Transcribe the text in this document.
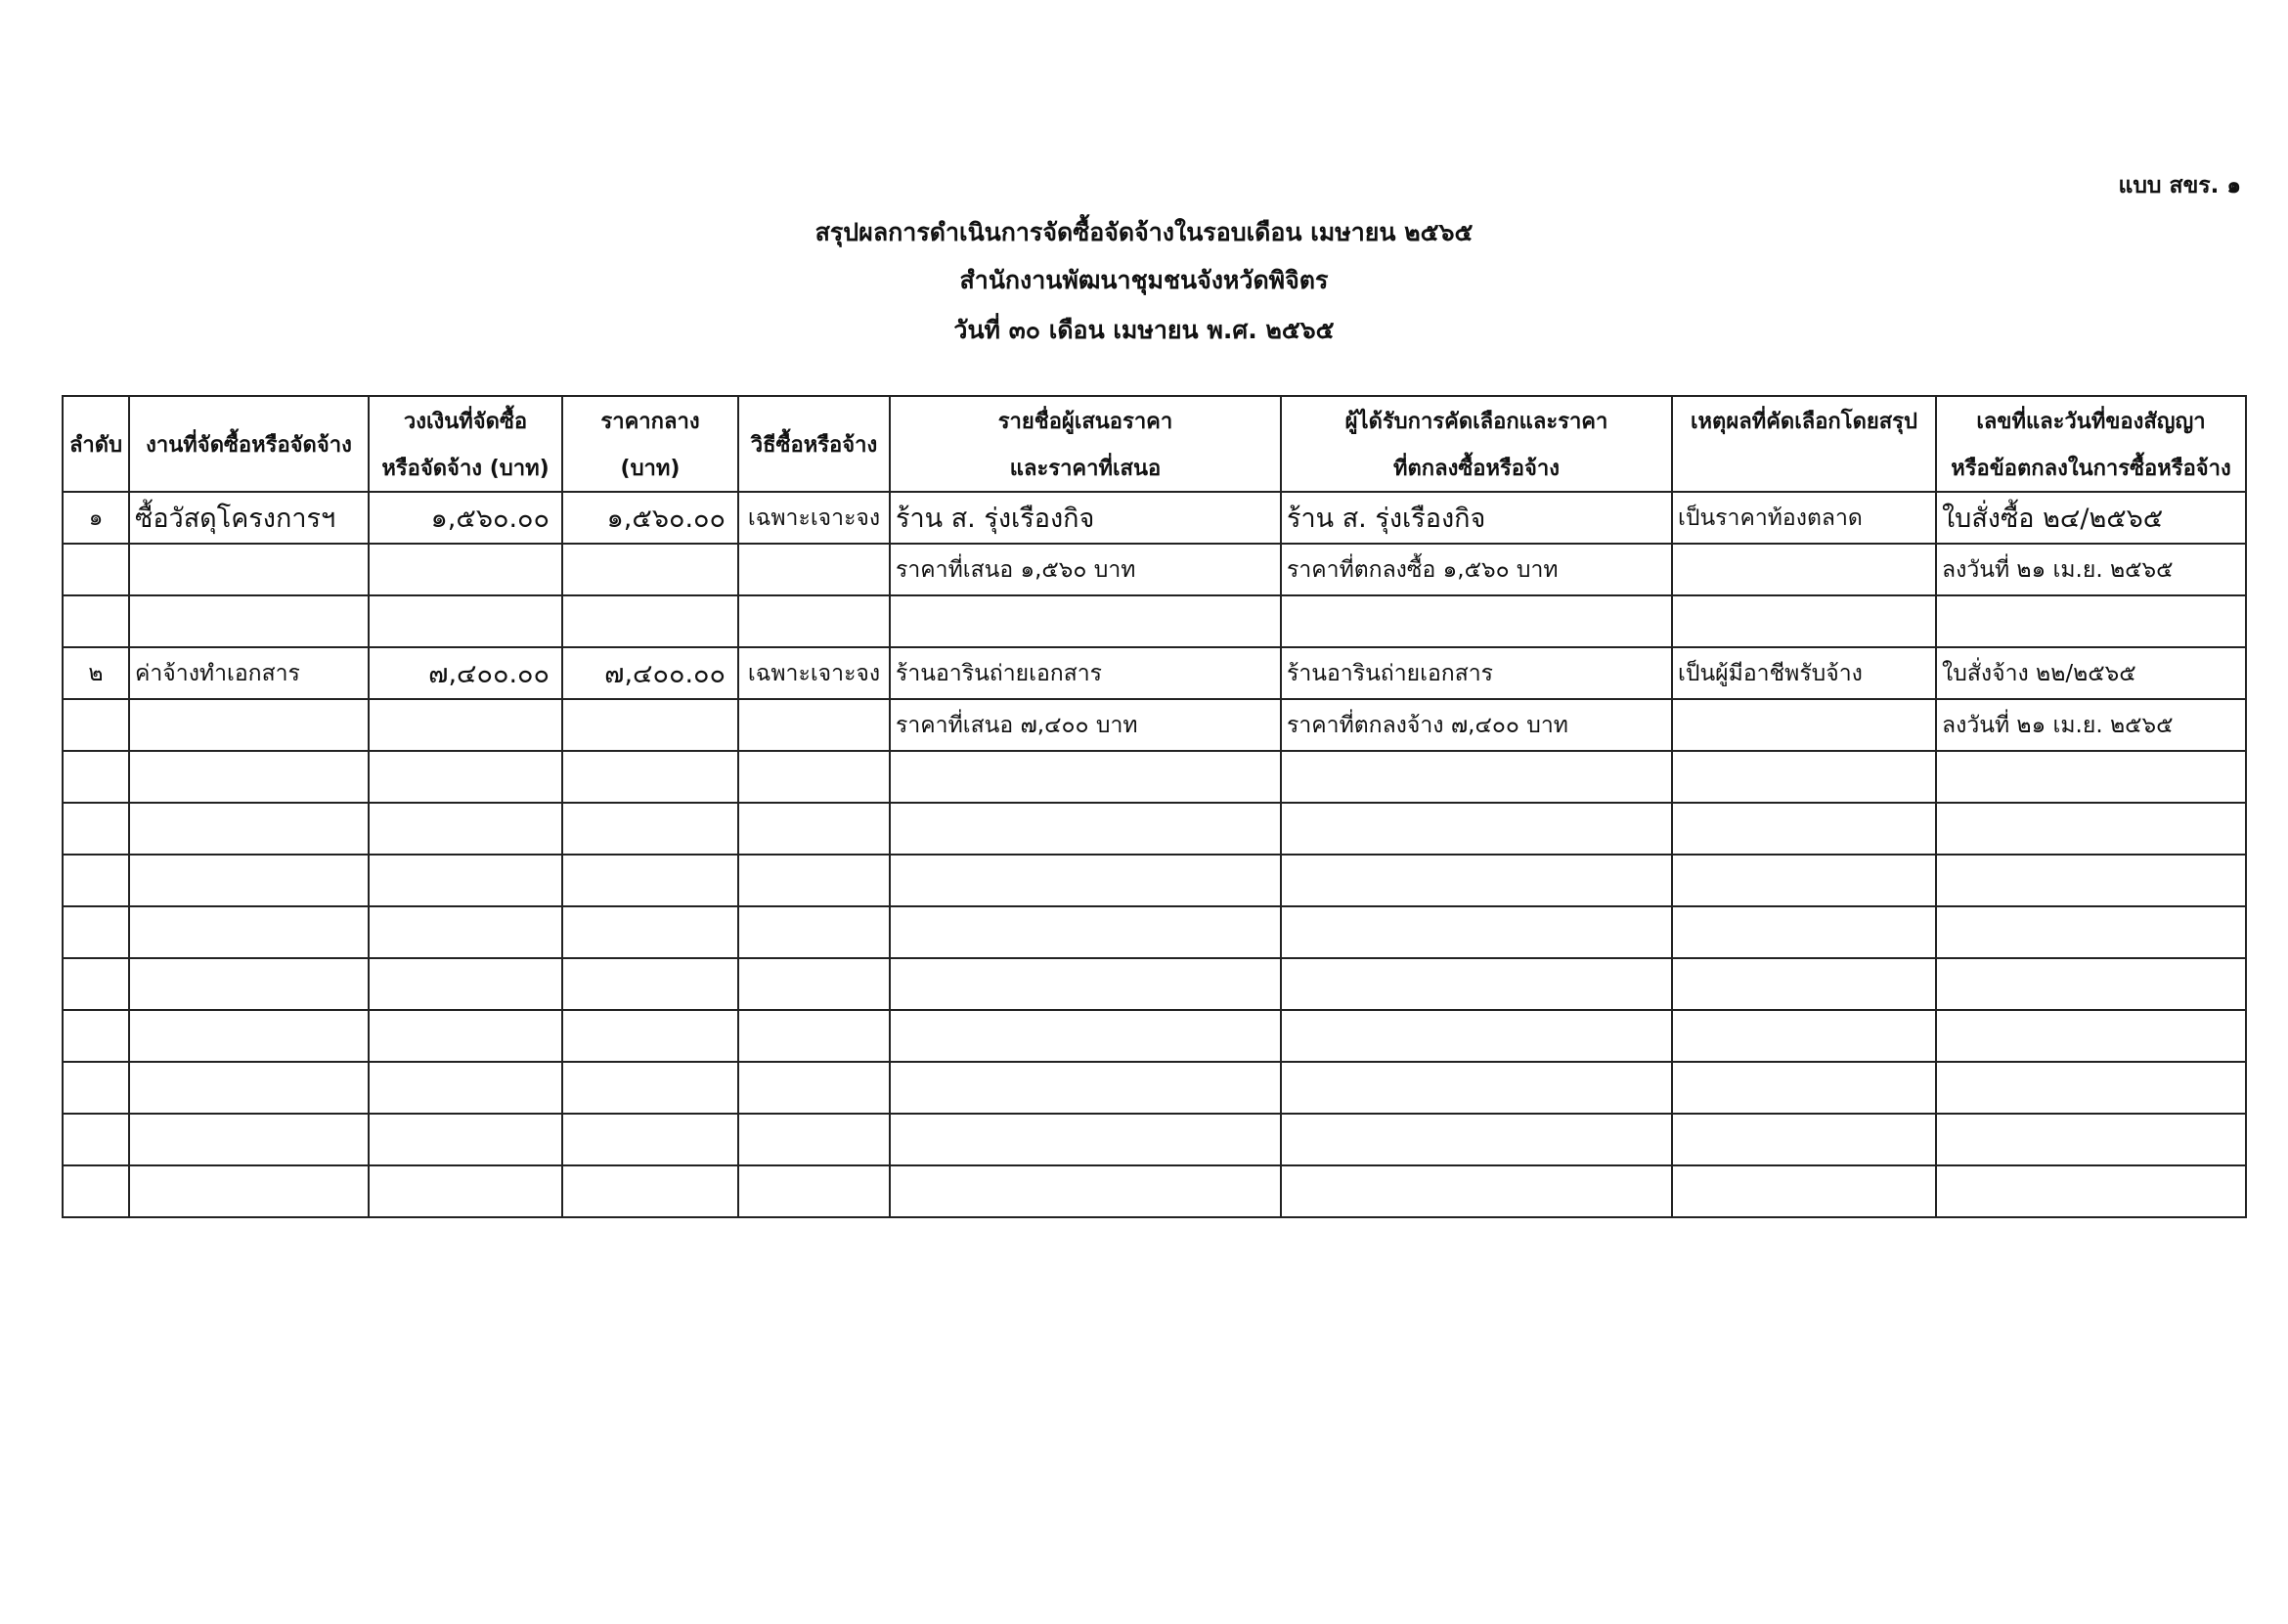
แบบ สขร. ๑
สรุปผลการดำเนินการจัดซื้อจัดจ้างในรอบเดือน เมษายน ๒๕๖๕
สำนักงานพัฒนาชุมชนจังหวัดพิจิตร
วันที่ ๓๐ เดือน เมษายน พ.ศ. ๒๕๖๕
ลำดับ	งานที่จัดซื้อหรือจัดจ้าง	วงเงินที่จัดซื้อ	ราคากลาง	วิธีซื้อหรือจ้าง	รายชื่อผู้เสนอราคา	ผู้ได้รับการคัดเลือกและราคา	เหตุผลที่คัดเลือกโดยสรุป	เลขที่และวันที่ของสัญญา
		หรือจัดจ้าง (บาท)	(บาท)		และราคาที่เสนอ	ที่ตกลงซื้อหรือจ้าง		หรือข้อตกลงในการซื้อหรือจ้าง
๑	ซื้อวัสดุโครงการฯ	๑,๕๖๐.๐๐	๑,๕๖๐.๐๐	เฉพาะเจาะจง	ร้าน ส. รุ่งเรืองกิจ	ร้าน ส. รุ่งเรืองกิจ	เป็นราคาท้องตลาด	ใบสั่งซื้อ ๒๔/๒๕๖๕
					ราคาที่เสนอ ๑,๕๖๐ บาท	ราคาที่ตกลงซื้อ ๑,๕๖๐ บาท		ลงวันที่ ๒๑ เม.ย. ๒๕๖๕

๒	ค่าจ้างทำเอกสาร	๗,๔๐๐.๐๐	๗,๔๐๐.๐๐	เฉพาะเจาะจง	ร้านอารินถ่ายเอกสาร	ร้านอารินถ่ายเอกสาร	เป็นผู้มีอาชีพรับจ้าง	ใบสั่งจ้าง ๒๒/๒๕๖๕
					ราคาที่เสนอ ๗,๔๐๐ บาท	ราคาที่ตกลงจ้าง ๗,๔๐๐ บาท		ลงวันที่ ๒๑ เม.ย. ๒๕๖๕
